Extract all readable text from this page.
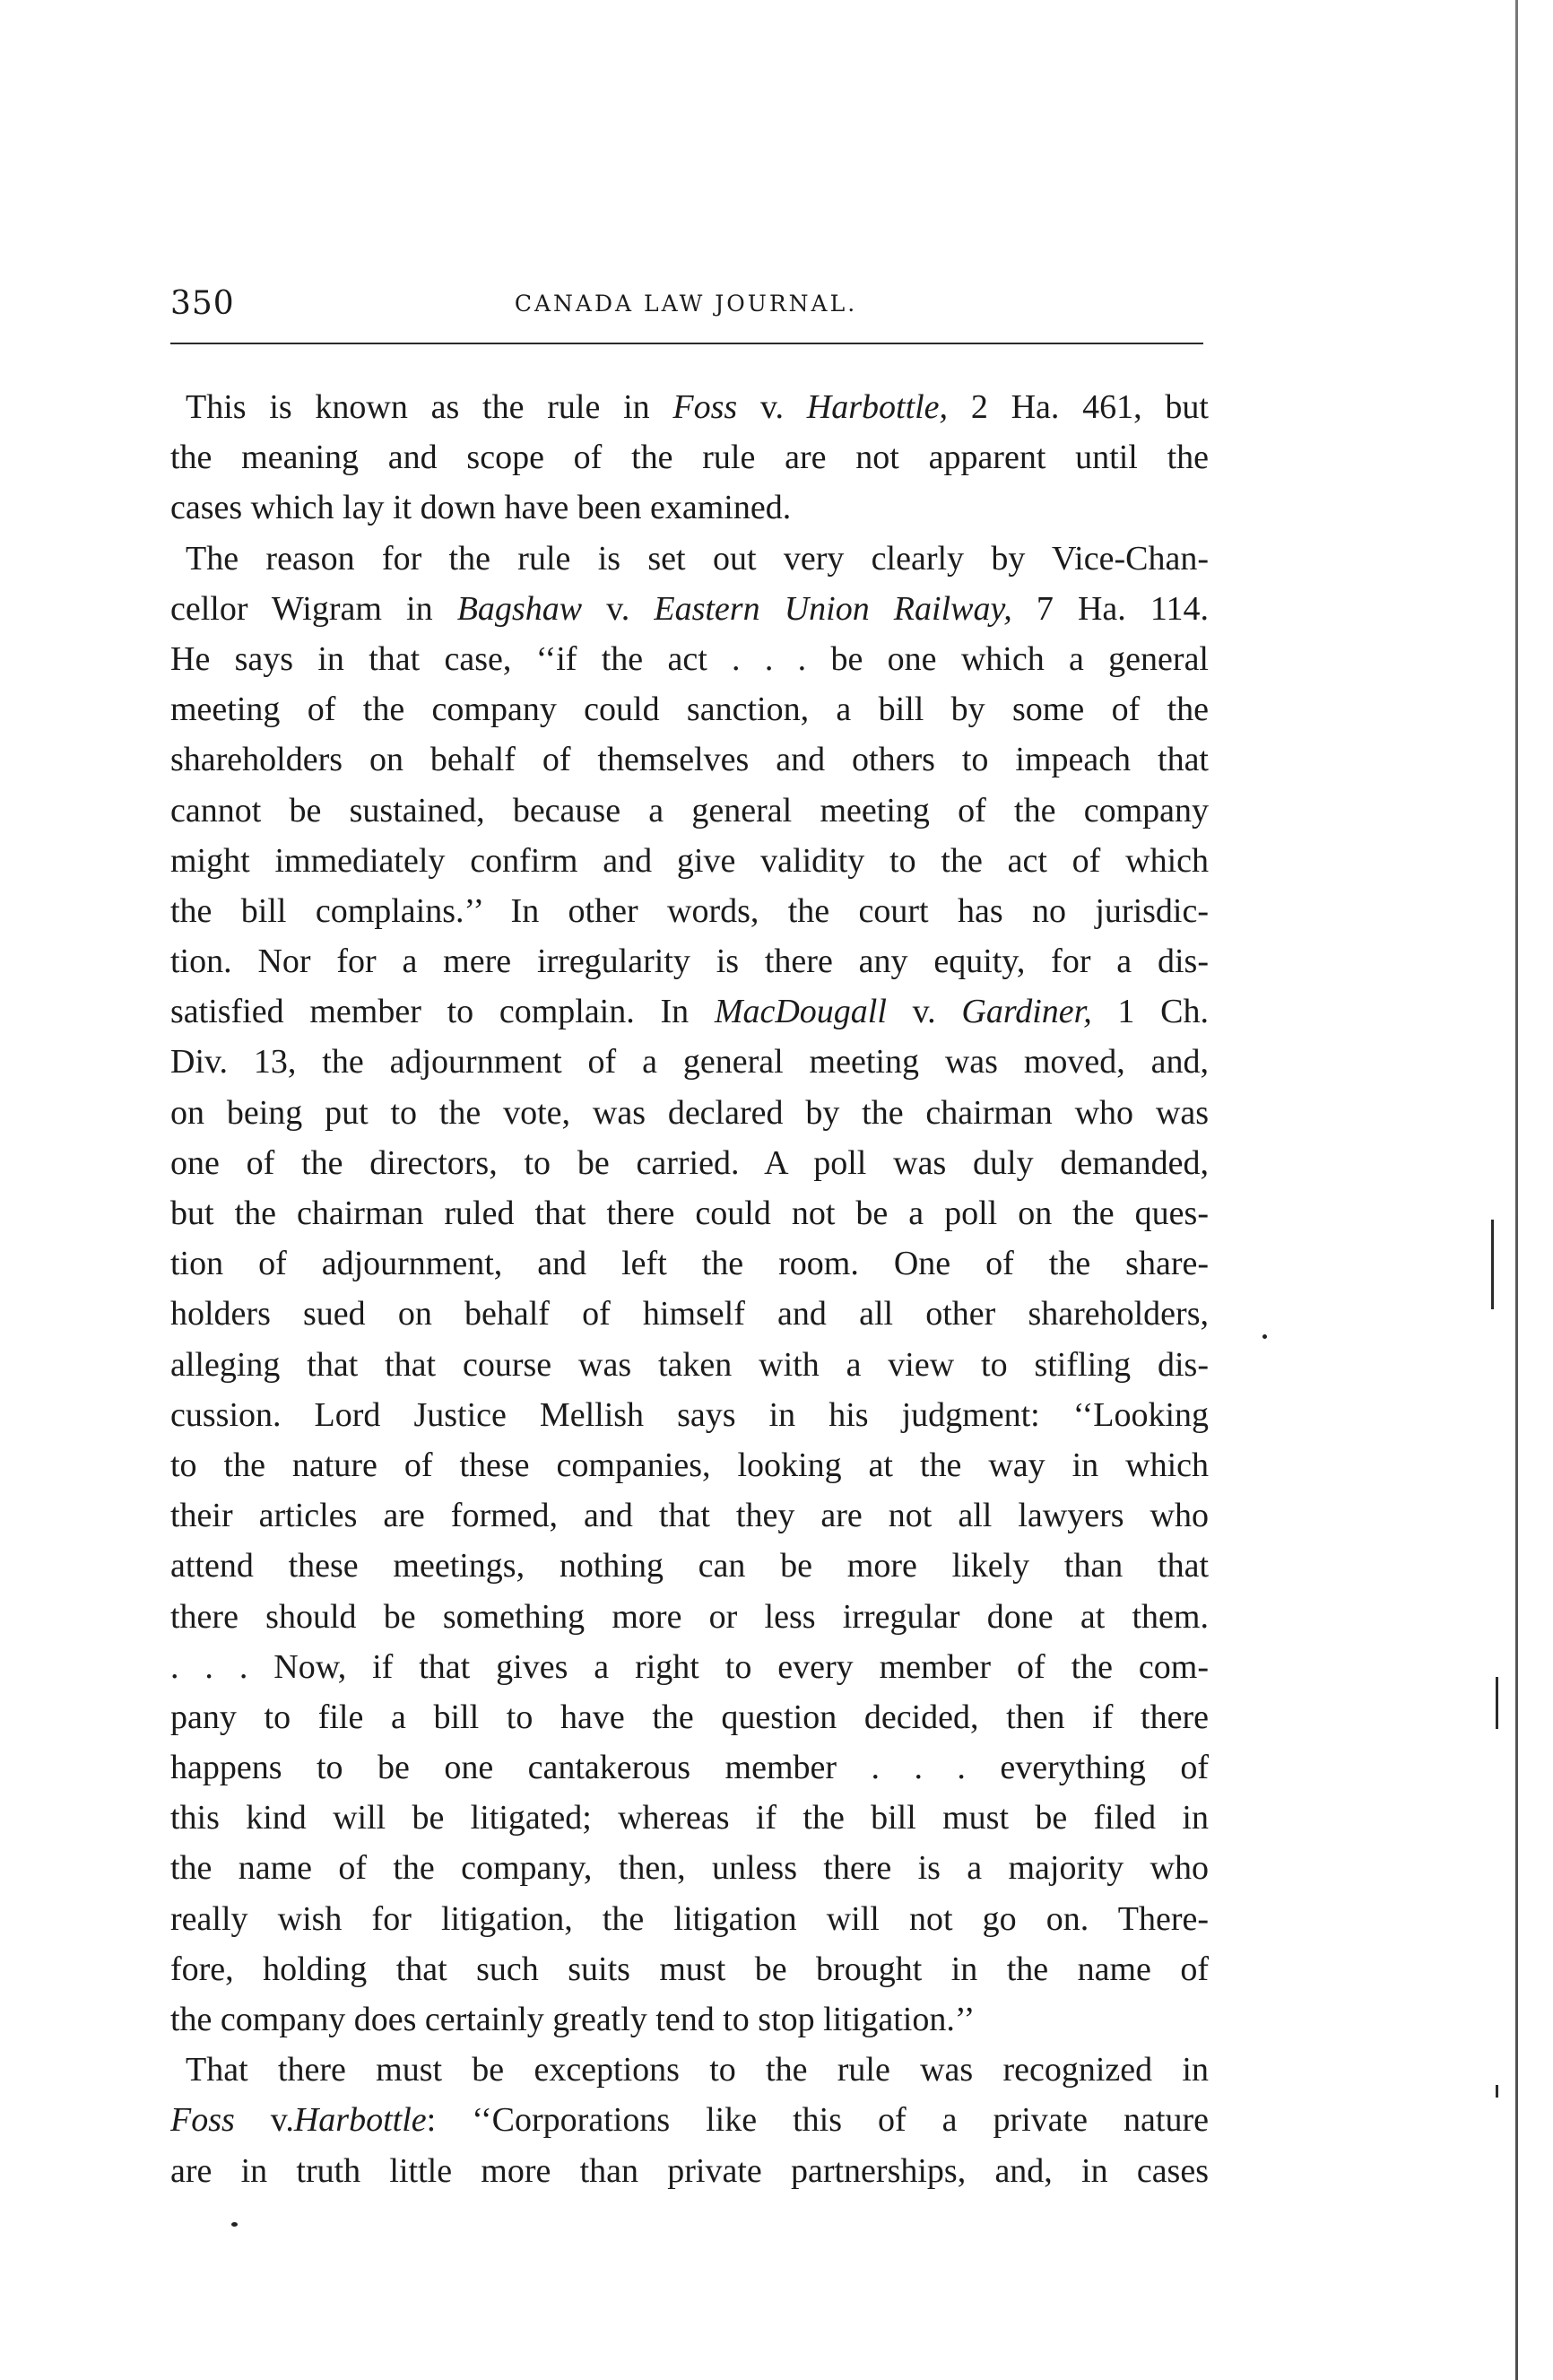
350	CANADA LAW JOURNAL.
This is known as the rule in Foss v. Harbottle, 2 Ha. 461, but
the meaning and scope of the rule are not apparent until the
cases which lay it down have been examined.
The reason for the rule is set out very clearly by Vice-Chan-
cellor Wigram in Bagshaw v. Eastern Union Railway, 7 Ha. 114.
He says in that case, ‘‘if the act . . . be one which a general
meeting of the company could sanction, a bill by some of the
shareholders on behalf of themselves and others to impeach that
cannot be sustained, because a general meeting of the company
might immediately confirm and give validity to the act of which
the bill complains.’’ In other words, the court has no jurisdic-
tion. Nor for a mere irregularity is there any equity, for a dis-
satisfied member to complain. In MacDougall v. Gardiner, 1 Ch.
Div. 13, the adjournment of a general meeting was moved, and,
on being put to the vote, was declared by the chairman who was
one of the directors, to be carried. A poll was duly demanded,
but the chairman ruled that there could not be a poll on the ques-
tion of adjournment, and left the room. One of the share-
holders sued on behalf of himself and all other shareholders,
alleging that that course was taken with a view to stifling dis-
cussion. Lord Justice Mellish says in his judgment: ‘‘Looking
to the nature of these companies, looking at the way in which
their articles are formed, and that they are not all lawyers who
attend these meetings, nothing can be more likely than that
there should be something more or less irregular done at them.
. . . Now, if that gives a right to every member of the com-
pany to file a bill to have the question decided, then if there
happens to be one cantakerous member . . . everything of
this kind will be litigated; whereas if the bill must be filed in
the name of the company, then, unless there is a majority who
really wish for litigation, the litigation will not go on. There-
fore, holding that such suits must be brought in the name of
the company does certainly greatly tend to stop litigation.’’
That there must be exceptions to the rule was recognized in
Foss v.Harbottle: ‘‘Corporations like this of a private nature
are in truth little more than private partnerships, and, in cases
